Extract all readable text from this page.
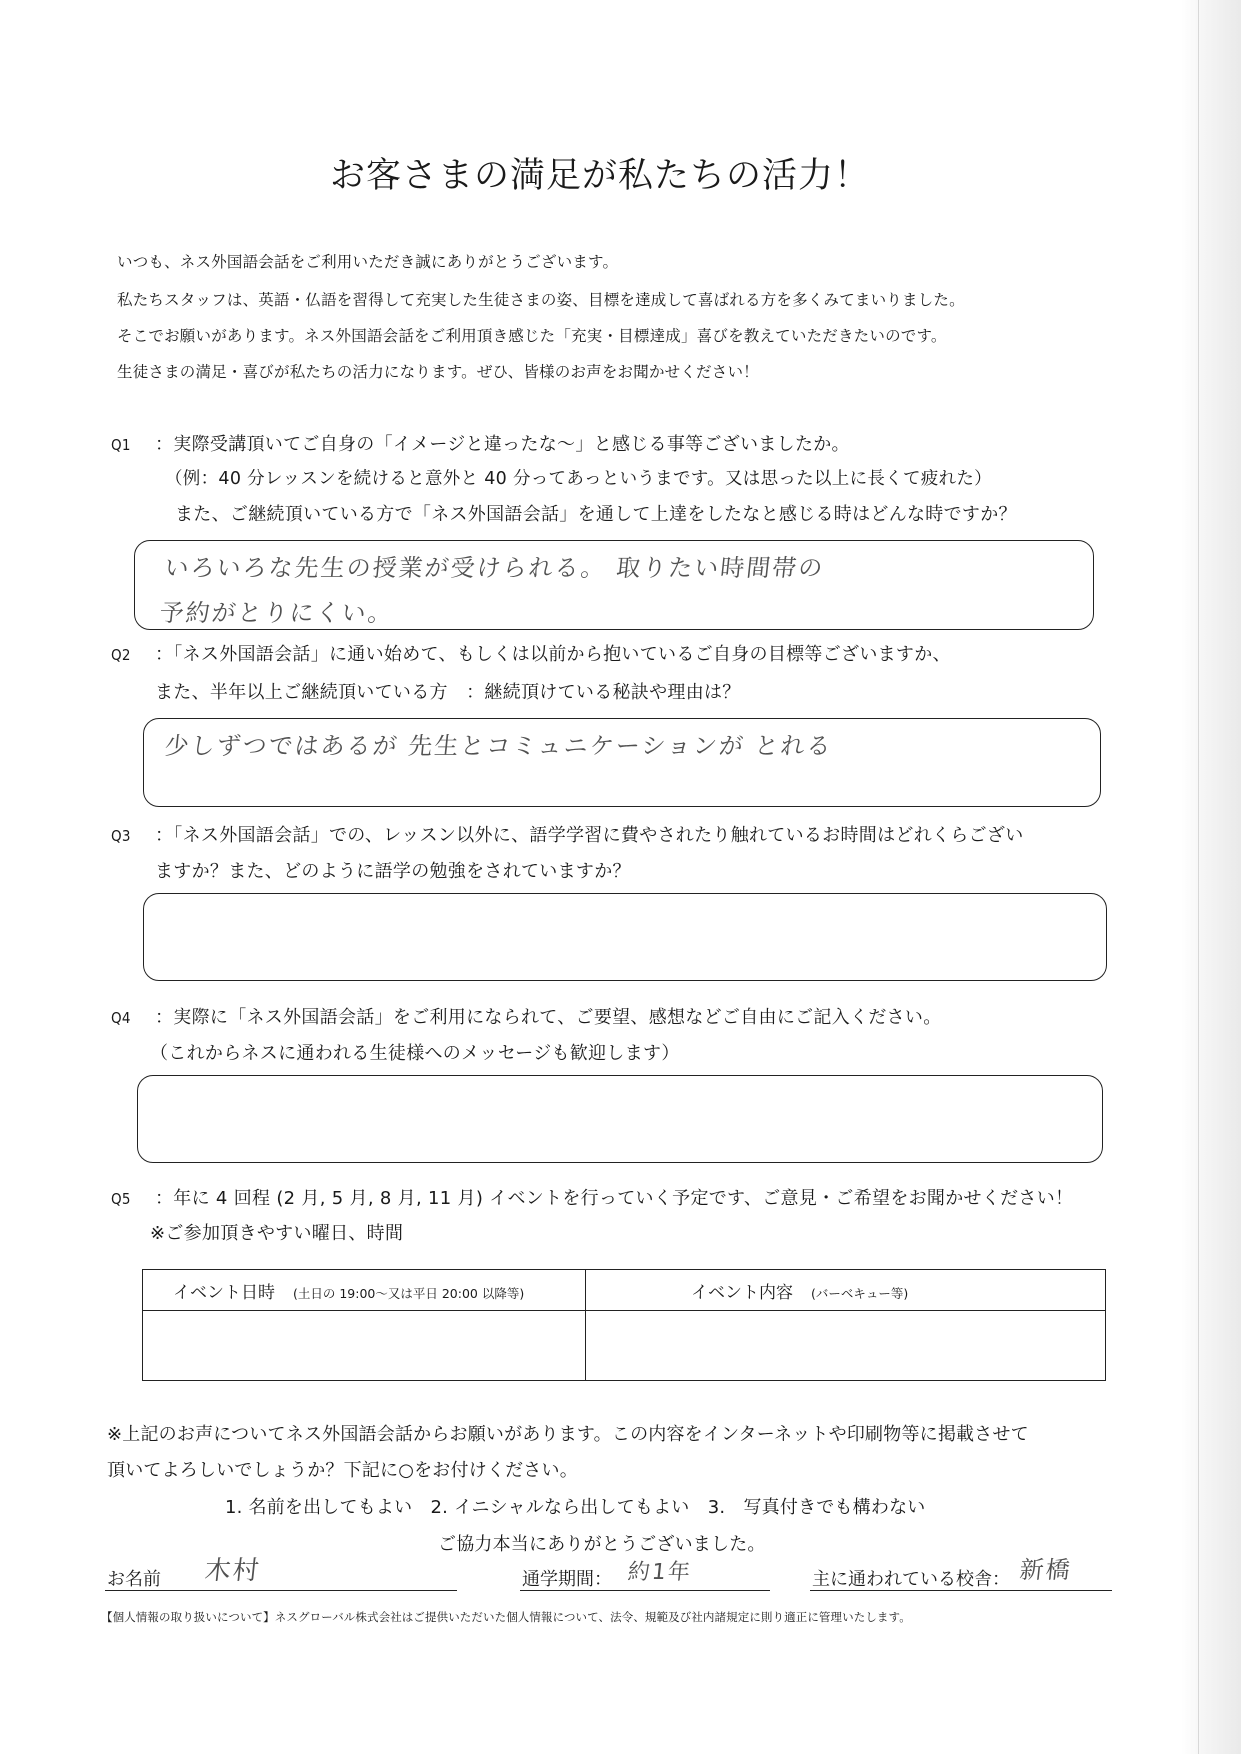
お客さまの満足が私たちの活力！
いつも、ネス外国語会話をご利用いただき誠にありがとうございます。
私たちスタッフは、英語・仏語を習得して充実した生徒さまの姿、目標を達成して喜ばれる方を多くみてまいりました。
そこでお願いがあります。ネス外国語会話をご利用頂き感じた「充実・目標達成」喜びを教えていただきたいのです。
生徒さまの満足・喜びが私たちの活力になります。ぜひ、皆様のお声をお聞かせください！
Q1 ：実際受講頂いてご自身の「イメージと違ったな～」と感じる事等ございましたか。
（例：40 分レッスンを続けると意外と 40 分ってあっというまです。又は思った以上に長くて疲れた）
また、ご継続頂いている方で「ネス外国語会話」を通して上達をしたなと感じる時はどんな時ですか？
いろいろな先生の授業が受けられる。 取りたい時間帯の
予約がとりにくい。
Q2 ：「ネス外国語会話」に通い始めて、もしくは以前から抱いているご自身の目標等ございますか、
また、半年以上ご継続頂いている方　：継続頂けている秘訣や理由は？
少しずつではあるが 先生とコミュニケーションが とれる
Q3 ：「ネス外国語会話」での、レッスン以外に、語学学習に費やされたり触れているお時間はどれくらござい
ますか？また、どのように語学の勉強をされていますか？
Q4 ：実際に「ネス外国語会話」をご利用になられて、ご要望、感想などご自由にご記入ください。
（これからネスに通われる生徒様へのメッセージも歓迎します）
Q5 ：年に 4 回程 (2 月, 5 月, 8 月, 11 月) イベントを行っていく予定です、ご意見・ご希望をお聞かせください！
※ご参加頂きやすい曜日、時間
イベント日時 (土日の 19:00～又は平日 20:00 以降等)	イベント内容 (バーベキュー等)

※上記のお声についてネス外国語会話からお願いがあります。この内容をインターネットや印刷物等に掲載させて
頂いてよろしいでしょうか？下記に○をお付けください。
1. 名前を出してもよい　2. イニシャルなら出してもよい　3.　写真付きでも構わない
ご協力本当にありがとうございました。
お名前 木村	通学期間： 約1年	主に通われている校舎： 新橋
【個人情報の取り扱いについて】ネスグローバル株式会社はご提供いただいた個人情報について、法令、規範及び社内諸規定に則り適正に管理いたします。
